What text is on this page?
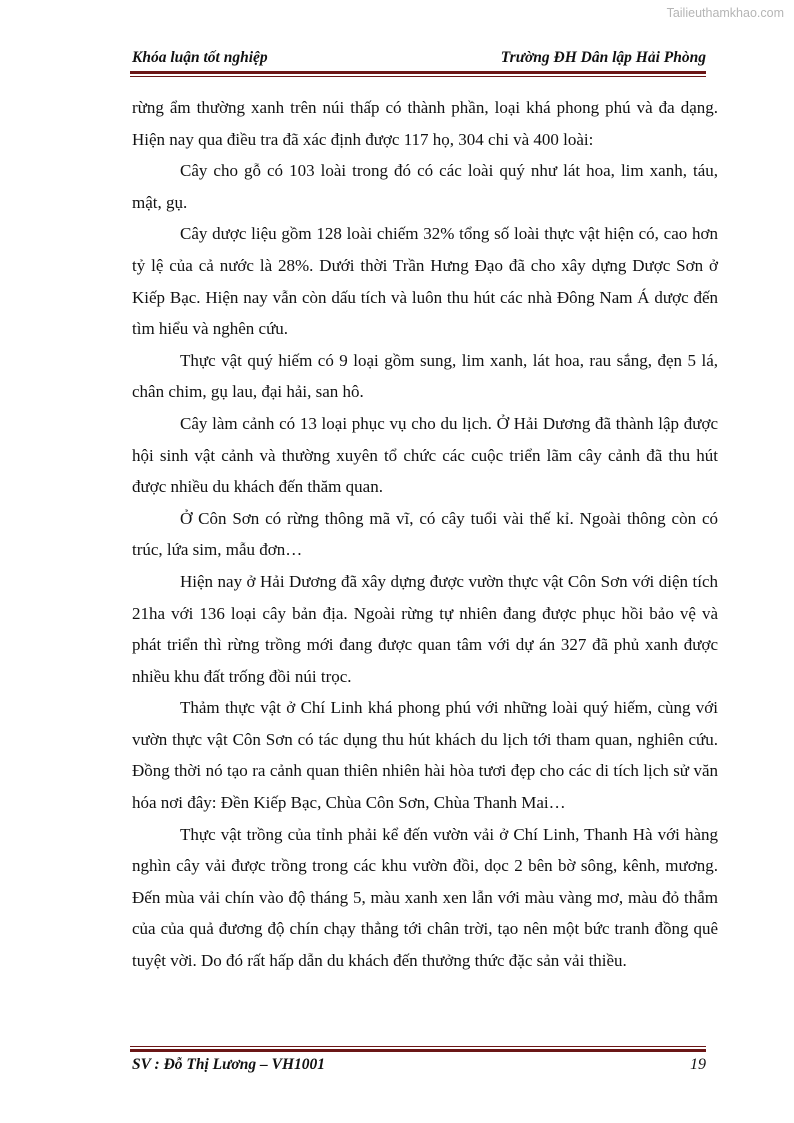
Tailieuthamkhao.com
Khóa luận tốt nghiệp	Trường ĐH Dân lập Hải Phòng

rừng ẩm thường xanh trên núi thấp có thành phần, loại khá phong phú và đa dạng. Hiện nay qua điều tra đã xác định được 117 họ, 304 chi và 400 loài:

Cây cho gỗ có 103 loài trong đó có các loài quý như lát hoa, lim xanh, táu, mật, gụ.

Cây dược liệu gồm 128 loài chiếm 32% tổng số loài thực vật hiện có, cao hơn tỷ lệ của cả nước là 28%. Dưới thời Trần Hưng Đạo đã cho xây dựng Dược Sơn ở Kiếp Bạc. Hiện nay vẫn còn dấu tích và luôn thu hút các nhà Đông Nam Á dược đến tìm hiểu và nghên cứu.

Thực vật quý hiếm có 9 loại gồm sung, lim xanh, lát hoa, rau sắng, đẹn 5 lá, chân chim, gụ lau, đại hải, san hô.

Cây làm cảnh có 13 loại phục vụ cho du lịch. Ở Hải Dương đã thành lập được hội sinh vật cảnh và thường xuyên tổ chức các cuộc triển lãm cây cảnh đã thu hút được nhiều du khách đến thăm quan.

Ở Côn Sơn có rừng thông mã vĩ, có cây tuổi vài thế kỉ. Ngoài thông còn có trúc, lứa sim, mẫu đơn…

Hiện nay ở Hải Dương đã xây dựng được vườn thực vật Côn Sơn với diện tích 21ha với 136 loại cây bản địa. Ngoài rừng tự nhiên đang được phục hồi bảo vệ và phát triển thì rừng trồng mới đang được quan tâm với dự án 327 đã phủ xanh được nhiều khu đất trống đồi núi trọc.

Thảm thực vật ở Chí Linh khá phong phú với những loài quý hiếm, cùng với vườn thực vật Côn Sơn có tác dụng thu hút khách du lịch tới tham quan, nghiên cứu. Đồng thời nó tạo ra cảnh quan thiên nhiên hài hòa tươi đẹp cho các di tích lịch sử văn hóa nơi đây: Đền Kiếp Bạc, Chùa Côn Sơn, Chùa Thanh Mai…

Thực vật trồng của tỉnh phải kể đến vườn vải ở Chí Linh, Thanh Hà với hàng nghìn cây vải được trồng trong các khu vườn đồi, dọc 2 bên bờ sông, kênh, mương. Đến mùa vải chín vào độ tháng 5, màu xanh xen lẫn với màu vàng mơ, màu đỏ thẫm của của quả đương độ chín chạy thẳng tới chân trời, tạo nên một bức tranh đồng quê tuyệt vời. Do đó rất hấp dẫn du khách đến thưởng thức đặc sản vải thiều.

SV : Đỗ Thị Lương – VH1001	19
